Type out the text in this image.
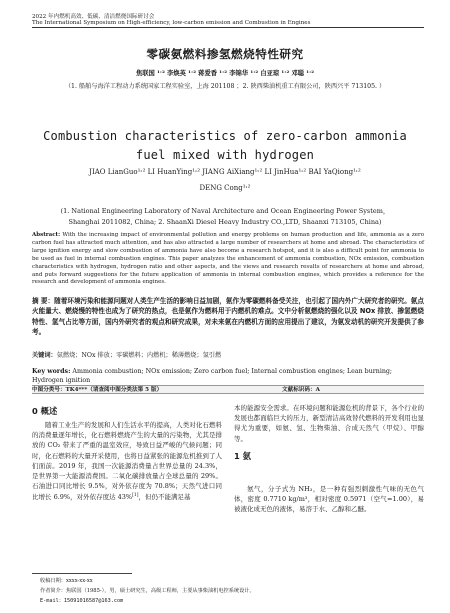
2022 年内燃机高效、低碳、清洁燃烧国际研讨会
The International Symposium on High-efficiency, low-carbon emission and Combustion in Engines
零碳氨燃料掺氢燃烧特性研究
焦联国 ¹˒² 李焕英 ¹˒² 蒋爱香 ¹˒² 李锦华 ¹˒² 白亚琼 ¹˒² 邓聪 ¹˒²
（1. 船舶与海洋工程动力系统国家工程实验室，上海 201108 ；2. 陕西柴油机重工有限公司，陕西兴平 713105. ）
Combustion characteristics of zero-carbon ammonia
fuel mixed with hydrogen
JIAO LianGuo¹˒² LI HuanYing¹˒² JIANG AiXiang¹˒² LI JinHua¹˒² BAI YaQiong¹˒²
DENG Cong¹˒²
(1. National Engineering Laboratory of Naval Architecture and Ocean Engineering Power System，
Shanghai 2011082, China; 2. ShaanXi Diesel Heavy Industry CO.,LTD, Shaanxi 713105, China)
Abstract: With the increasing impact of environmental pollution and energy problems on human production and life, ammonia as a zero carbon fuel has attracted much attention, and has also attracted a large number of researchers at home and abroad. The characteristics of large ignition energy and slow combustion of ammonia have also become a research hotspot, and it is also a difficult point for ammonia to be used as fuel in internal combustion engines. This paper analyzes the enhancement of ammonia combustion, NOx emission, combustion characteristics with hydrogen, hydrogen ratio and other aspects, and the views and research results of researchers at home and abroad, and puts forward suggestions for the future application of ammonia in internal combustion engines, which provides a reference for the research and development of ammonia engines.
摘 要：随着环境污染和能源问题对人类生产生活的影响日益加剧，氨作为零碳燃料备受关注，也引起了国内外广大研究者的研究。氨点火能量大、燃烧慢的特性也成为了研究的热点，也是氨作为燃料用于内燃机的难点。文中分析氨燃烧的强化以及 NOx 排放、掺氢燃烧特性、氢气占比等方面，国内外研究者的观点和研究成果，对未来氨在内燃机方面的应用提出了建议，为氨发动机的研究开发提供了参考。
关键词：氨燃烧；NOx 排放；零碳燃料；内燃机；稀薄燃烧；氢引燃
Key words: Ammonia combustion; NOx emission; Zero carbon fuel; Internal combustion engines; Lean burning; Hydrogen ignition
中图分类号：TK4***（请查阅中图分类法第 5 版）	文献标识码：A
0 概述
随着工业生产的发展和人们生活水平的提高，人类对化石燃料的消费量逐年增长，化石燃料燃烧产生的大量的污染物，尤其是排放的 CO₂ 带来了严重的温室效应，导致日益严峻的气候问题；同时，化石燃料的大量开采使用，也将日益紧张的能源危机推到了人们面前。2019 年，我国一次能源消费量占世界总量的 24.3%，是世界第一大能源消费国。二氧化碳排放量占全球总量的 29%。石油进口同比增长 9.5%，对外依存度为 70.8%；天然气进口同比增长 6.9%，对外依存度达 43%[1]，但仍不能满足基
本的能源安全需求。在环境问题和能源危机的背景下，各个行业的发展也都面临巨大的压力，新型清洁高效替代燃料的开发利用也显得尤为重要，如氨、氢、生物柴油、合成天然气（甲烷）、甲醇等。
1 氨
氨气，分子式为 NH₃，是一种有强烈刺激性气味的无色气体，密度 0.7710 kg/m³，相对密度 0.5971（空气=1.00），易被液化成无色的液体，易溶于水、乙醇和乙醚。
收稿日期：xxxx-xx-xx
作者简介：焦联国（1985-），男，硕士研究生，高级工程师，主要从事柴油机电控系统设计。
E-mail：15091016587@163.com
